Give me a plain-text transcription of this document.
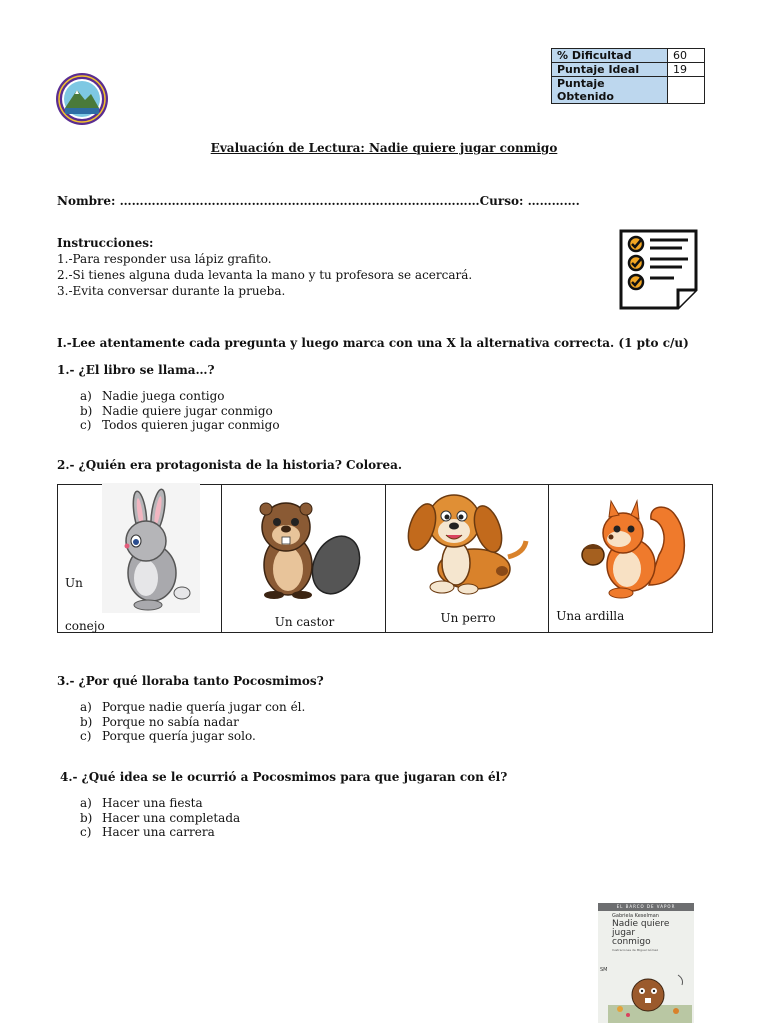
% Dificultad	60
Puntaje Ideal	19
Puntaje Obtenido	
Evaluación de Lectura: Nadie quiere jugar conmigo
Nombre: ………………………………………………………………………………Curso: ………….
Instrucciones:
1.-Para responder usa lápiz grafito.
2.-Si tienes alguna duda levanta la mano y tu profesora se acercará.
3.-Evita conversar durante la prueba.
I.-Lee atentamente cada pregunta y luego marca con una X la alternativa correcta. (1 pto c/u)
1.- ¿El libro se llama…?
a) Nadie juega contigo
b) Nadie quiere jugar conmigo
c) Todos quieren jugar conmigo
2.- ¿Quién era protagonista de la historia? Colorea.
Un
conejo	Un castor	Un perro	Una ardilla
3.- ¿Por qué lloraba tanto Pocosmimos?
a) Porque nadie quería jugar con él.
b) Porque no sabía nadar
c) Porque quería jugar solo.
4.- ¿Qué idea se le ocurrió a Pocosmimos para que jugaran con él?
a) Hacer una fiesta
b) Hacer una completada
c) Hacer una carrera
EL BARCO DE VAPOR
Gabriela Keselman
Nadie quiere jugar conmigo
Ilustraciones de Miguel Gómez
SM
